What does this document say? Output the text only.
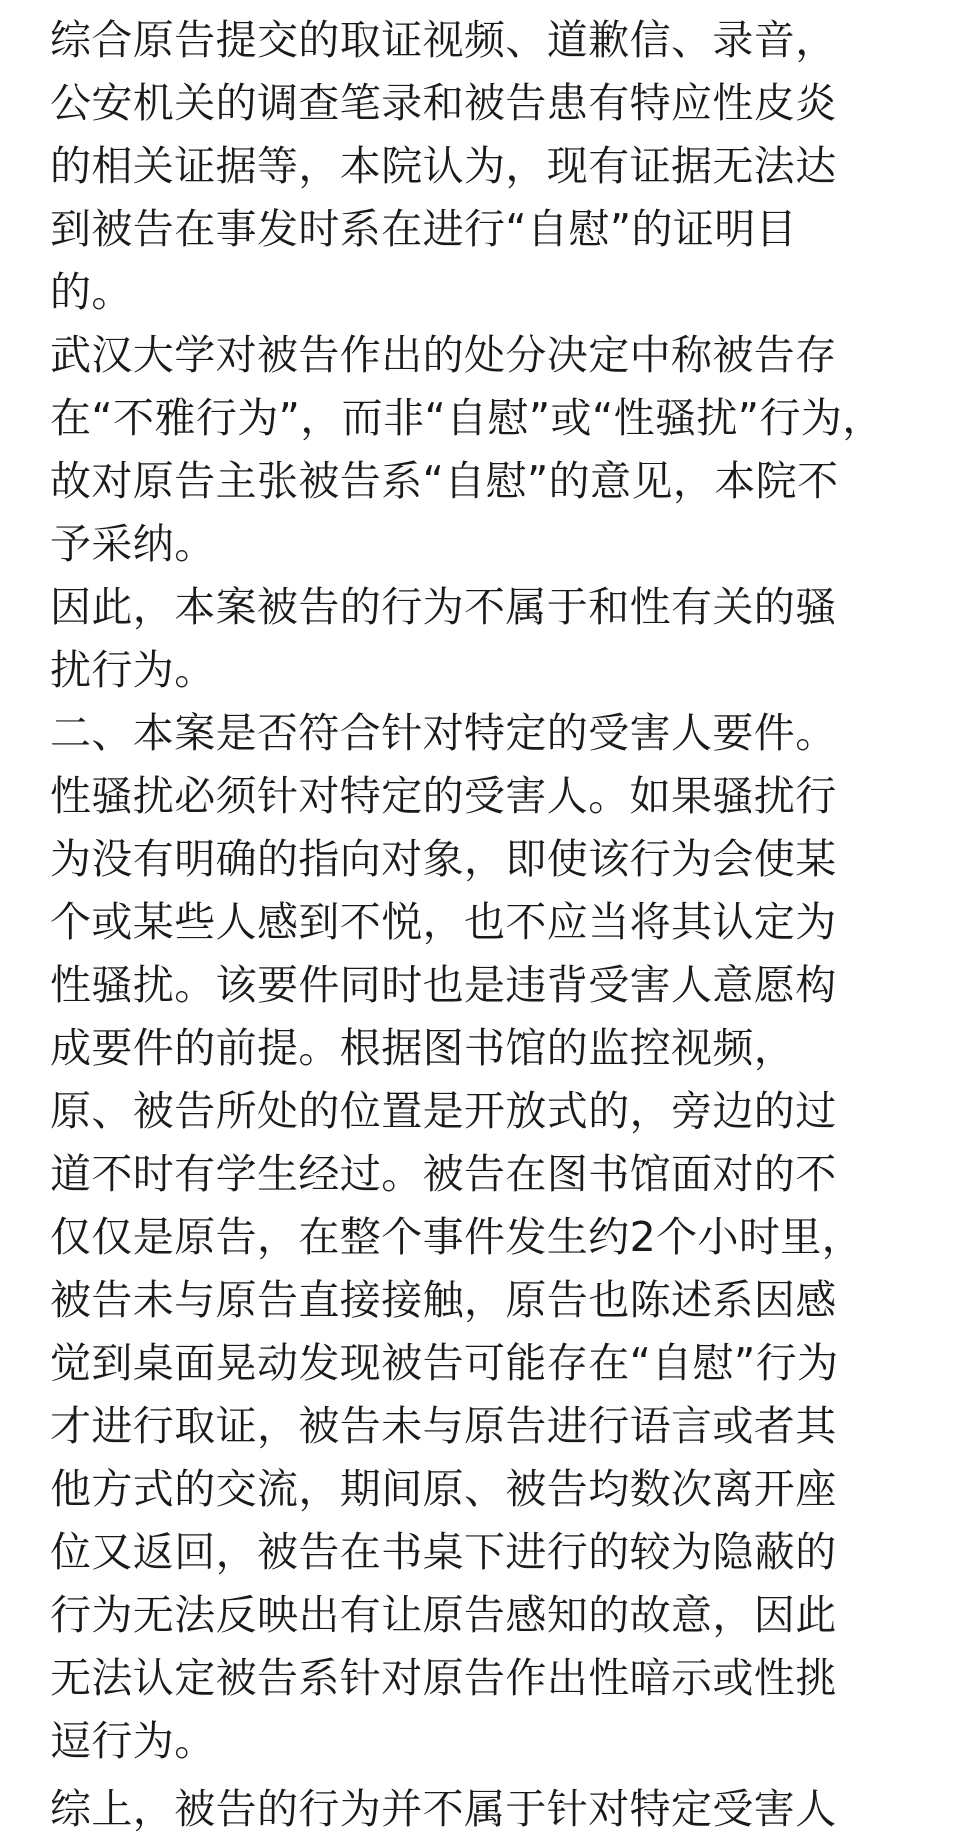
综合原告提交的取证视频、道歉信、录音，
公安机关的调查笔录和被告患有特应性皮炎
的相关证据等，本院认为，现有证据无法达
到被告在事发时系在进行“自慰”的证明目
的。
武汉大学对被告作出的处分决定中称被告存
在“不雅行为”，而非“自慰”或“性骚扰”行为，
故对原告主张被告系“自慰”的意见，本院不
予采纳。
因此，本案被告的行为不属于和性有关的骚
扰行为。
二、本案是否符合针对特定的受害人要件。
性骚扰必须针对特定的受害人。如果骚扰行
为没有明确的指向对象，即使该行为会使某
个或某些人感到不悦，也不应当将其认定为
性骚扰。该要件同时也是违背受害人意愿构
成要件的前提。根据图书馆的监控视频，
原、被告所处的位置是开放式的，旁边的过
道不时有学生经过。被告在图书馆面对的不
仅仅是原告，在整个事件发生约2个小时里，
被告未与原告直接接触，原告也陈述系因感
觉到桌面晃动发现被告可能存在“自慰”行为
才进行取证，被告未与原告进行语言或者其
他方式的交流，期间原、被告均数次离开座
位又返回，被告在书桌下进行的较为隐蔽的
行为无法反映出有让原告感知的故意，因此
无法认定被告系针对原告作出性暗示或性挑
逗行为。
综上，被告的行为并不属于针对特定受害人
